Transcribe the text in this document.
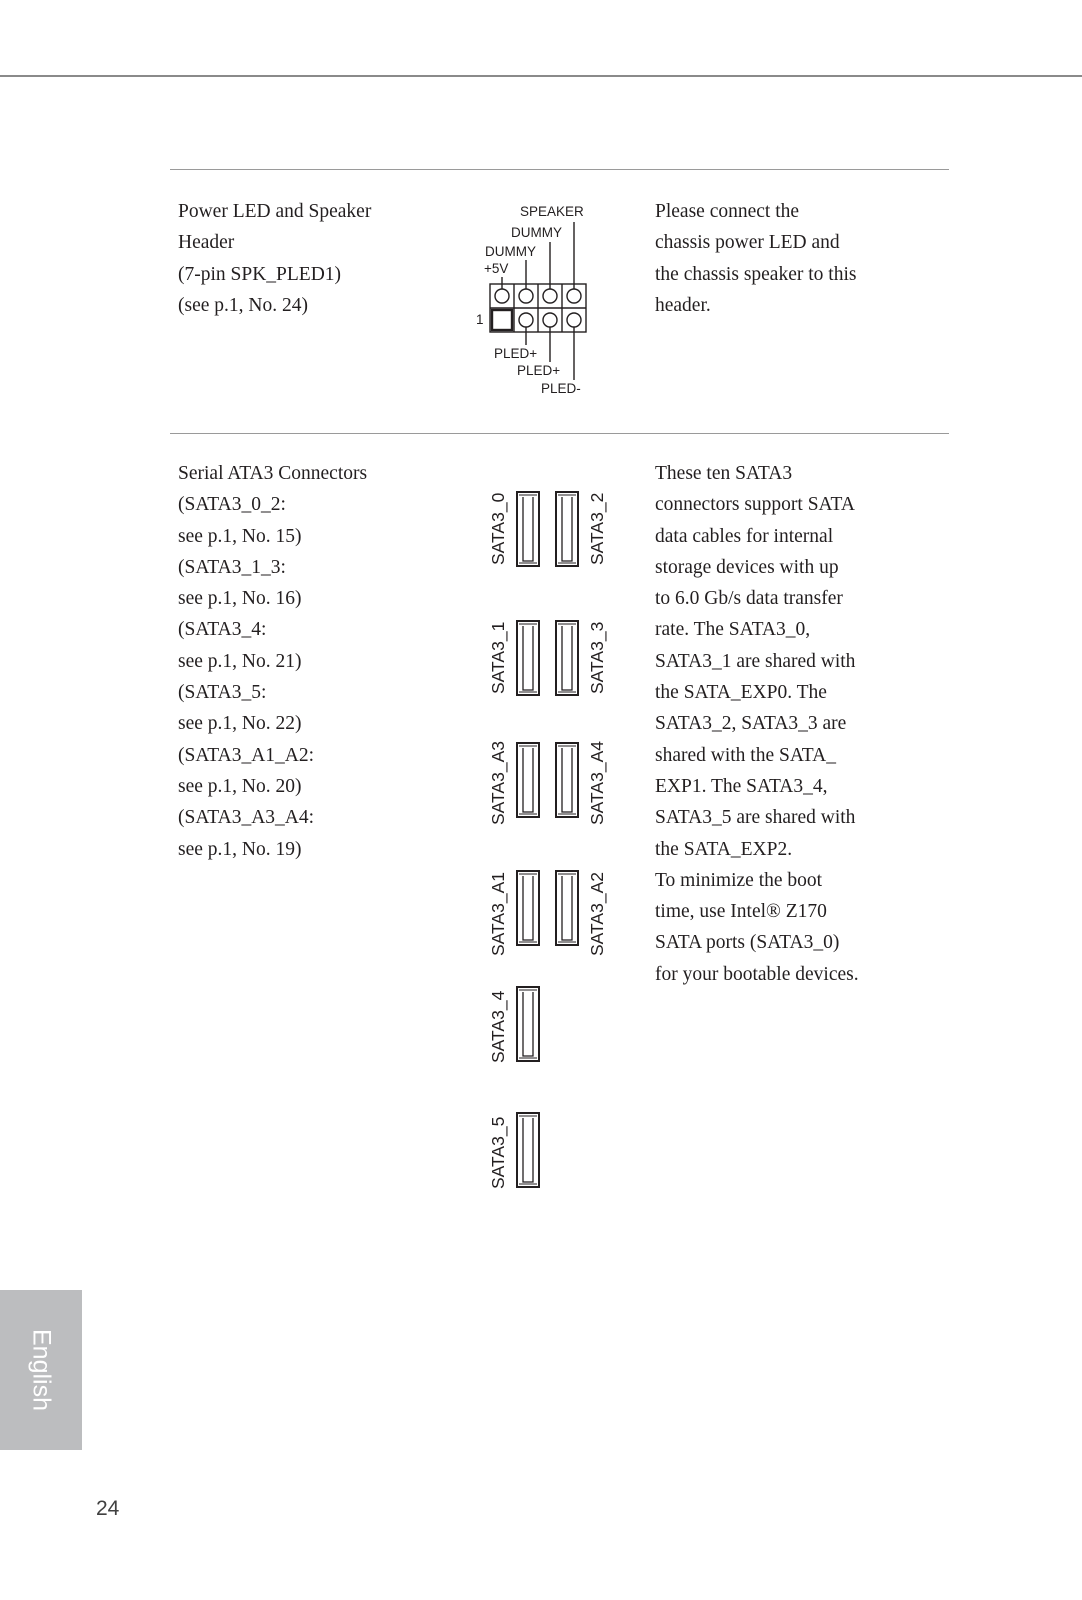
Power LED and Speaker
Header
(7-pin SPK_PLED1)
(see p.1, No. 24)

SPEAKER
DUMMY
DUMMY
+5V
1
PLED+
PLED+
PLED-

Please connect the
chassis power LED and
the chassis speaker to this
header.

Serial ATA3 Connectors
(SATA3_0_2:
see p.1, No. 15)
(SATA3_1_3:
see p.1, No. 16)
(SATA3_4:
see p.1, No. 21)
(SATA3_5:
see p.1, No. 22)
(SATA3_A1_A2:
see p.1, No. 20)
(SATA3_A3_A4:
see p.1, No. 19)

SATA3_0	SATA3_2
SATA3_1	SATA3_3
SATA3_A3	SATA3_A4
SATA3_A1	SATA3_A2
SATA3_4
SATA3_5

These ten SATA3
connectors support SATA
data cables for internal
storage devices with up
to 6.0 Gb/s data transfer
rate. The SATA3_0,
SATA3_1 are shared with
the SATA_EXP0. The
SATA3_2, SATA3_3 are
shared with the SATA_
EXP1. The SATA3_4,
SATA3_5 are shared with
the SATA_EXP2.
To minimize the boot
time, use Intel® Z170
SATA ports (SATA3_0)
for your bootable devices.

English
24
